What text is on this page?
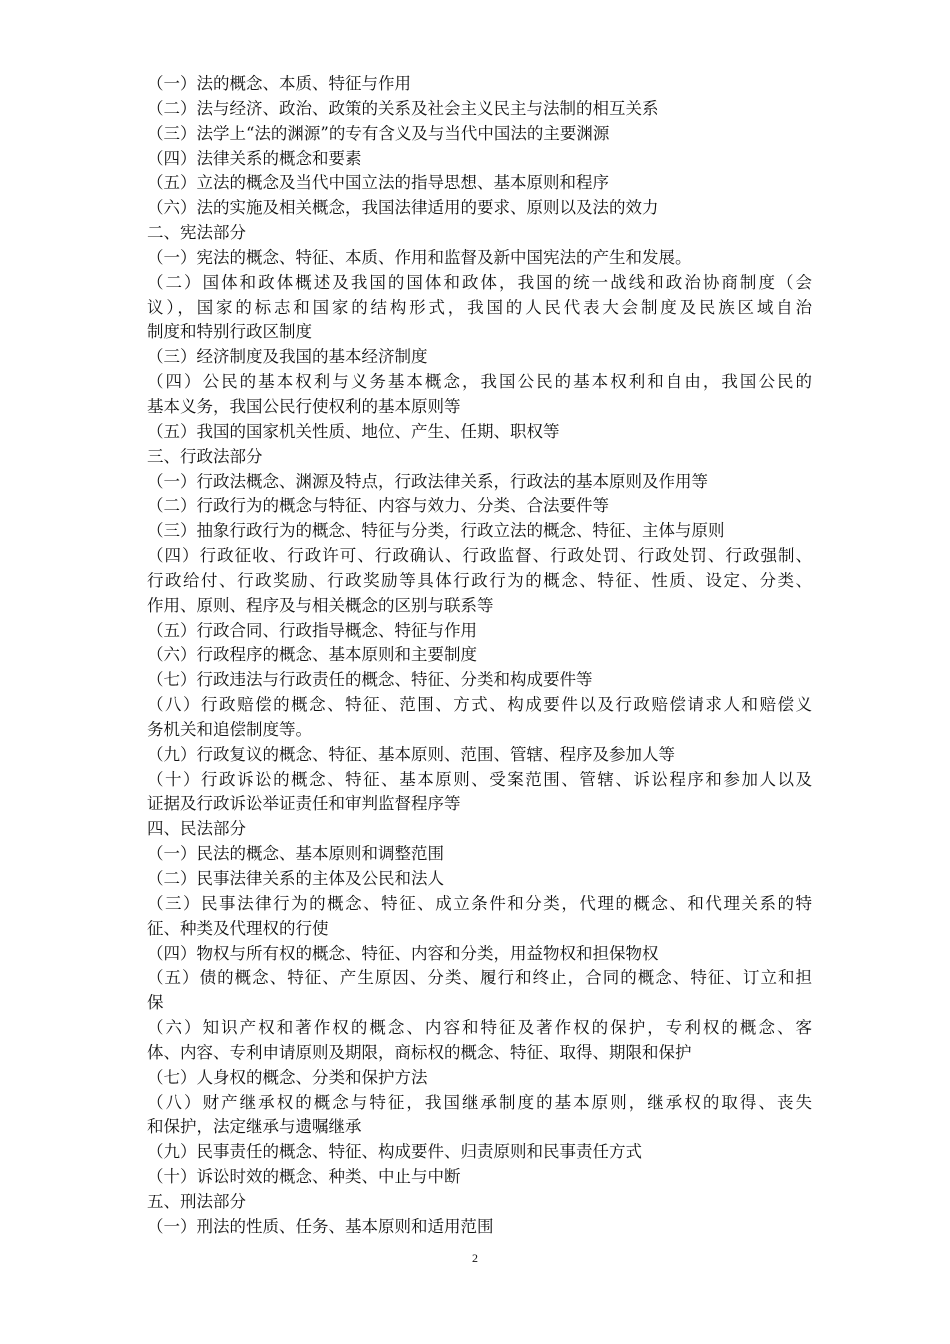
（一）法的概念、本质、特征与作用
（二）法与经济、政治、政策的关系及社会主义民主与法制的相互关系
（三）法学上“法的渊源”的专有含义及与当代中国法的主要渊源
（四）法律关系的概念和要素
（五）立法的概念及当代中国立法的指导思想、基本原则和程序
（六）法的实施及相关概念，我国法律适用的要求、原则以及法的效力
二、宪法部分
（一）宪法的概念、特征、本质、作用和监督及新中国宪法的产生和发展。
（二）国体和政体概述及我国的国体和政体，我国的统一战线和政治协商制度（会
议），国家的标志和国家的结构形式，我国的人民代表大会制度及民族区域自治
制度和特别行政区制度
（三）经济制度及我国的基本经济制度
（四）公民的基本权利与义务基本概念，我国公民的基本权利和自由，我国公民的
基本义务，我国公民行使权利的基本原则等
（五）我国的国家机关性质、地位、产生、任期、职权等
三、行政法部分
（一）行政法概念、渊源及特点，行政法律关系，行政法的基本原则及作用等
（二）行政行为的概念与特征、内容与效力、分类、合法要件等
（三）抽象行政行为的概念、特征与分类，行政立法的概念、特征、主体与原则
（四）行政征收、行政许可、行政确认、行政监督、行政处罚、行政处罚、行政强制、
行政给付、行政奖励、行政奖励等具体行政行为的概念、特征、性质、设定、分类、
作用、原则、程序及与相关概念的区别与联系等
（五）行政合同、行政指导概念、特征与作用
（六）行政程序的概念、基本原则和主要制度
（七）行政违法与行政责任的概念、特征、分类和构成要件等
（八）行政赔偿的概念、特征、范围、方式、构成要件以及行政赔偿请求人和赔偿义
务机关和追偿制度等。
（九）行政复议的概念、特征、基本原则、范围、管辖、程序及参加人等
（十）行政诉讼的概念、特征、基本原则、受案范围、管辖、诉讼程序和参加人以及
证据及行政诉讼举证责任和审判监督程序等
四、民法部分
（一）民法的概念、基本原则和调整范围
（二）民事法律关系的主体及公民和法人
（三）民事法律行为的概念、特征、成立条件和分类，代理的概念、和代理关系的特
征、种类及代理权的行使
（四）物权与所有权的概念、特征、内容和分类，用益物权和担保物权
（五）债的概念、特征、产生原因、分类、履行和终止，合同的概念、特征、订立和担
保
（六）知识产权和著作权的概念、内容和特征及著作权的保护，专利权的概念、客
体、内容、专利申请原则及期限，商标权的概念、特征、取得、期限和保护
（七）人身权的概念、分类和保护方法
（八）财产继承权的概念与特征，我国继承制度的基本原则，继承权的取得、丧失
和保护，法定继承与遗嘱继承
（九）民事责任的概念、特征、构成要件、归责原则和民事责任方式
（十）诉讼时效的概念、种类、中止与中断
五、刑法部分
（一）刑法的性质、任务、基本原则和适用范围
2
